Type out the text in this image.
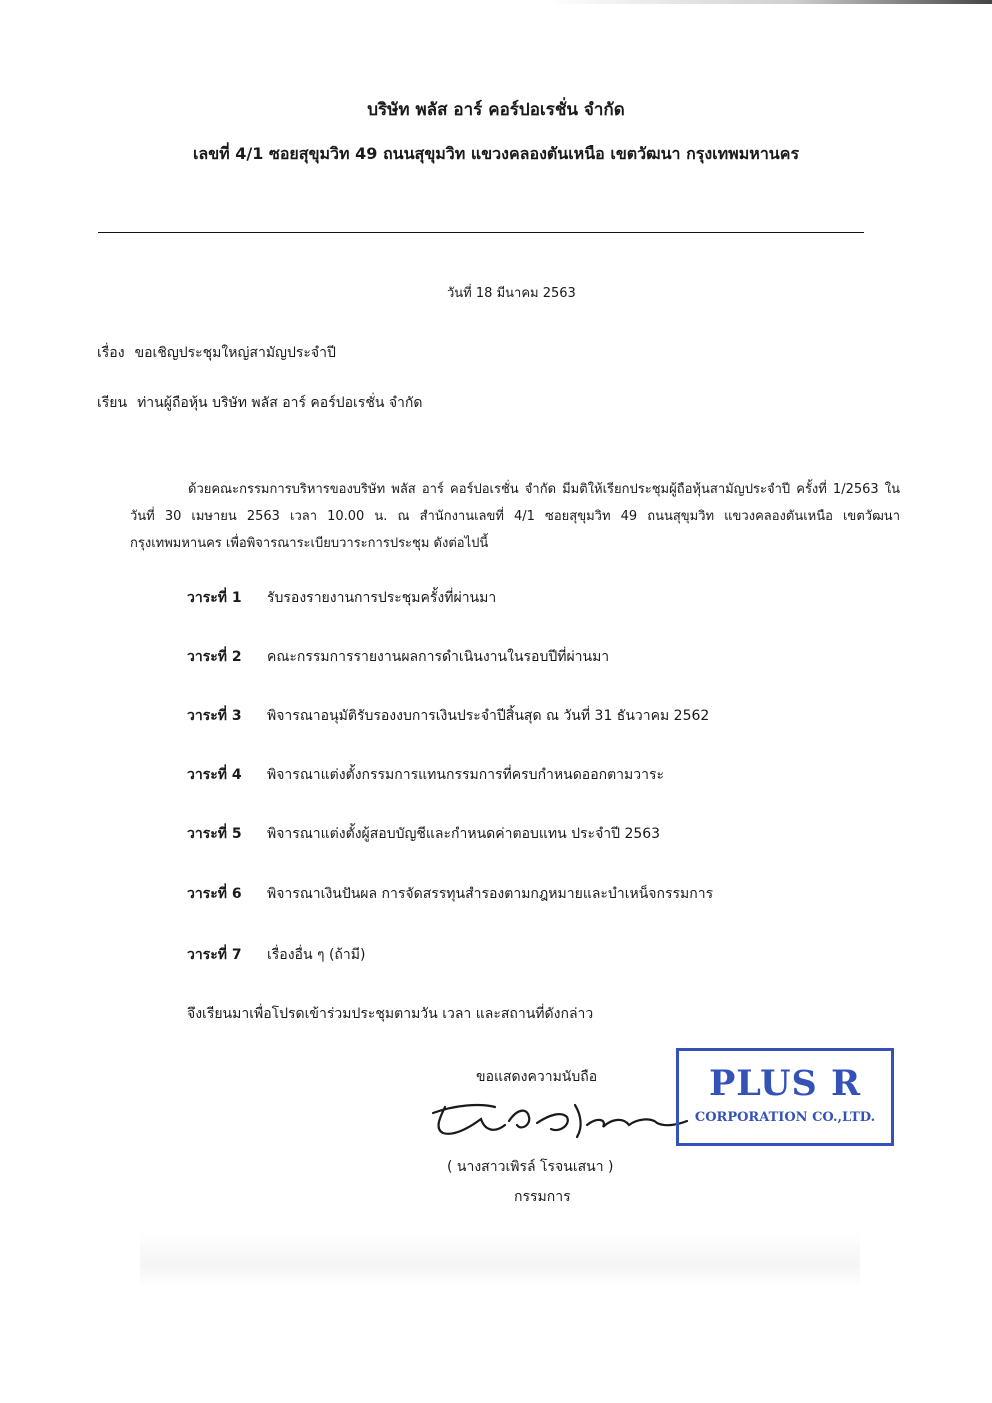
บริษัท พลัส อาร์ คอร์ปอเรชั่น จำกัด
เลขที่ 4/1 ซอยสุขุมวิท 49 ถนนสุขุมวิท แขวงคลองตันเหนือ เขตวัฒนา กรุงเทพมหานคร
วันที่ 18 มีนาคม 2563
เรื่อง ขอเชิญประชุมใหญ่สามัญประจำปี
เรียน ท่านผู้ถือหุ้น บริษัท พลัส อาร์ คอร์ปอเรชั่น จำกัด
ด้วยคณะกรรมการบริหารของบริษัท พลัส อาร์ คอร์ปอเรชั่น จำกัด มีมติให้เรียกประชุมผู้ถือหุ้นสามัญประจำปี ครั้งที่ 1/2563 ในวันที่ 30 เมษายน 2563 เวลา 10.00 น. ณ สำนักงานเลขที่ 4/1 ซอยสุขุมวิท 49 ถนนสุขุมวิท แขวงคลองตันเหนือ เขตวัฒนา กรุงเทพมหานคร เพื่อพิจารณาระเบียบวาระการประชุม ดังต่อไปนี้
วาระที่ 1 รับรองรายงานการประชุมครั้งที่ผ่านมา
วาระที่ 2 คณะกรรมการรายงานผลการดำเนินงานในรอบปีที่ผ่านมา
วาระที่ 3 พิจารณาอนุมัติรับรองงบการเงินประจำปีสิ้นสุด ณ วันที่ 31 ธันวาคม 2562
วาระที่ 4 พิจารณาแต่งตั้งกรรมการแทนกรรมการที่ครบกำหนดออกตามวาระ
วาระที่ 5 พิจารณาแต่งตั้งผู้สอบบัญชีและกำหนดค่าตอบแทน ประจำปี 2563
วาระที่ 6 พิจารณาเงินปันผล การจัดสรรทุนสำรองตามกฎหมายและบำเหน็จกรรมการ
วาระที่ 7 เรื่องอื่น ๆ (ถ้ามี)
จึงเรียนมาเพื่อโปรดเข้าร่วมประชุมตามวัน เวลา และสถานที่ดังกล่าว
ขอแสดงความนับถือ
( นางสาวเพิรล์ โรจนเสนา )
กรรมการ
PLUS R
CORPORATION CO.,LTD.
